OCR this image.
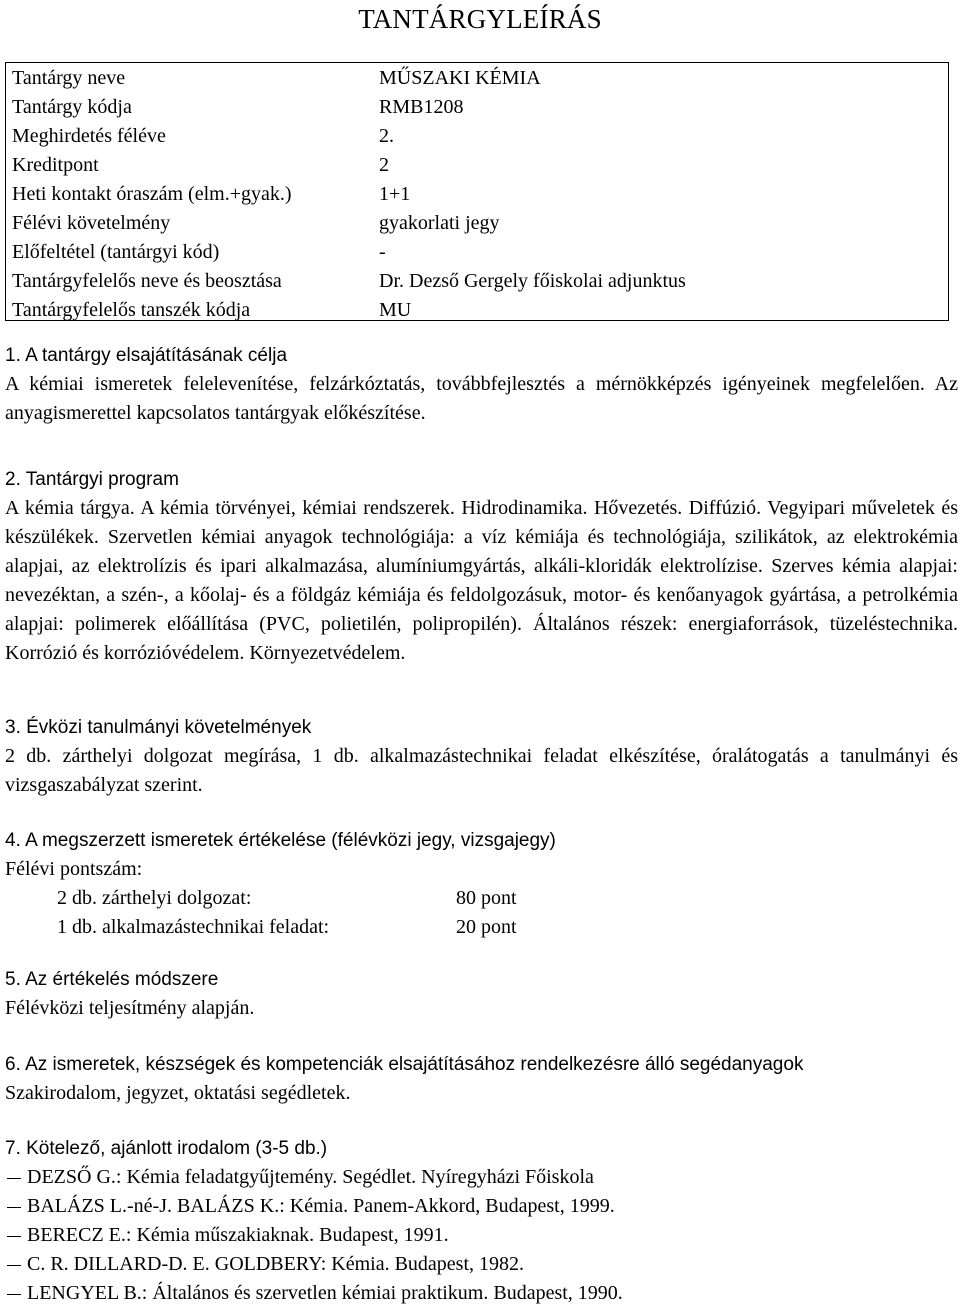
TANTÁRGYLEÍRÁS
Tantárgy neve	MŰSZAKI KÉMIA
Tantárgy kódja	RMB1208
Meghirdetés féléve	2.
Kreditpont	2
Heti kontakt óraszám (elm.+gyak.)	1+1
Félévi követelmény	gyakorlati jegy
Előfeltétel (tantárgyi kód)	-
Tantárgyfelelős neve és beosztása	Dr. Dezső Gergely főiskolai adjunktus
Tantárgyfelelős tanszék kódja	MU
1. A tantárgy elsajátításának célja
A kémiai ismeretek felelevenítése, felzárkóztatás, továbbfejlesztés a mérnökképzés igényeinek megfelelően. Az anyagismerettel kapcsolatos tantárgyak előkészítése.
2. Tantárgyi program
A kémia tárgya. A kémia törvényei, kémiai rendszerek. Hidrodinamika. Hővezetés. Diffúzió. Vegyipari műveletek és készülékek. Szervetlen kémiai anyagok technológiája: a víz kémiája és technológiája, szilikátok, az elektrokémia alapjai, az elektrolízis és ipari alkalmazása, alumíniumgyártás, alkáli-kloridák elektrolízise. Szerves kémia alapjai: nevezéktan, a szén-, a kőolaj- és a földgáz kémiája és feldolgozásuk, motor- és kenőanyagok gyártása, a petrolkémia alapjai: polimerek előállítása (PVC, polietilén, polipropilén). Általános részek: energiaforrások, tüzeléstechnika. Korrózió és korrózióvédelem. Környezetvédelem.
3. Évközi tanulmányi követelmények
2 db. zárthelyi dolgozat megírása, 1 db. alkalmazástechnikai feladat elkészítése, óralátogatás a tanulmányi és vizsgaszabályzat szerint.
4. A megszerzett ismeretek értékelése (félévközi jegy, vizsgajegy)
Félévi pontszám:
2 db. zárthelyi dolgozat:	80 pont
1 db. alkalmazástechnikai feladat:	20 pont
5. Az értékelés módszere
Félévközi teljesítmény alapján.
6. Az ismeretek, készségek és kompetenciák elsajátításához rendelkezésre álló segédanyagok
Szakirodalom, jegyzet, oktatási segédletek.
7. Kötelező, ajánlott irodalom (3-5 db.)
DEZSŐ G.: Kémia feladatgyűjtemény. Segédlet. Nyíregyházi Főiskola
BALÁZS L.-né-J. BALÁZS K.: Kémia. Panem-Akkord, Budapest, 1999.
BERECZ E.: Kémia műszakiaknak. Budapest, 1991.
C. R. DILLARD-D. E. GOLDBERY: Kémia. Budapest, 1982.
LENGYEL B.: Általános és szervetlen kémiai praktikum. Budapest, 1990.
